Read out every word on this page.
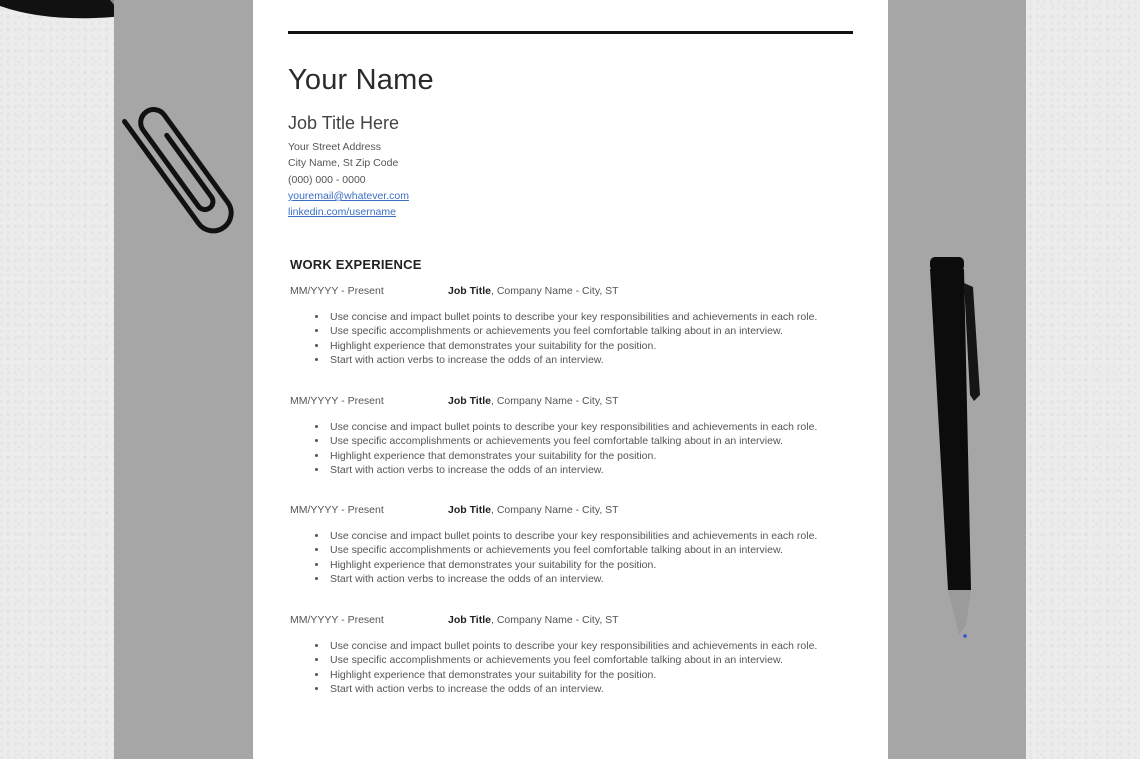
Your Name
Job Title Here
Your Street Address
City Name, St Zip Code
(000) 000 - 0000
youremail@whatever.com
linkedin.com/username
WORK EXPERIENCE
MM/YYYY - Present	Job Title, Company Name - City, ST
• Use concise and impact bullet points to describe your key responsibilities and achievements in each role.
• Use specific accomplishments or achievements you feel comfortable talking about in an interview.
• Highlight experience that demonstrates your suitability for the position.
• Start with action verbs to increase the odds of an interview.
MM/YYYY - Present	Job Title, Company Name - City, ST
• Use concise and impact bullet points to describe your key responsibilities and achievements in each role.
• Use specific accomplishments or achievements you feel comfortable talking about in an interview.
• Highlight experience that demonstrates your suitability for the position.
• Start with action verbs to increase the odds of an interview.
MM/YYYY - Present	Job Title, Company Name - City, ST
• Use concise and impact bullet points to describe your key responsibilities and achievements in each role.
• Use specific accomplishments or achievements you feel comfortable talking about in an interview.
• Highlight experience that demonstrates your suitability for the position.
• Start with action verbs to increase the odds of an interview.
MM/YYYY - Present	Job Title, Company Name - City, ST
• Use concise and impact bullet points to describe your key responsibilities and achievements in each role.
• Use specific accomplishments or achievements you feel comfortable talking about in an interview.
• Highlight experience that demonstrates your suitability for the position.
• Start with action verbs to increase the odds of an interview.
